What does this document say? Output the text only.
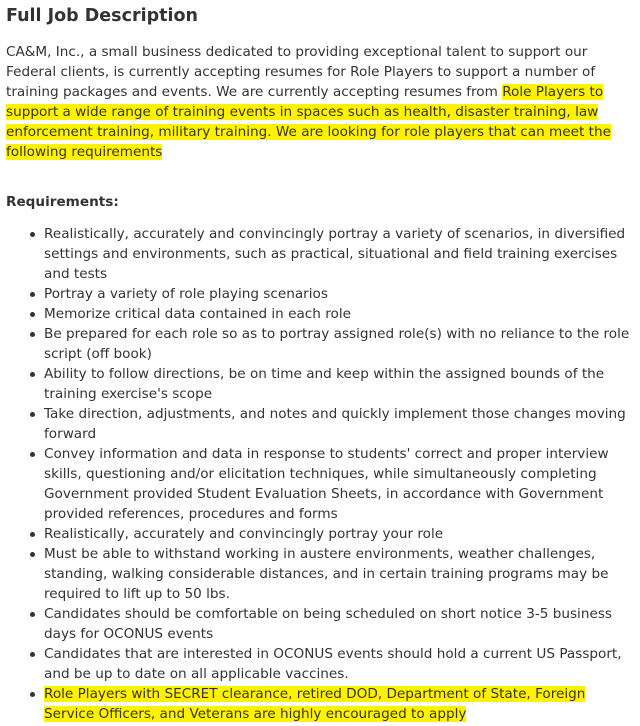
Full Job Description

CA&M, Inc., a small business dedicated to providing exceptional talent to support our Federal clients, is currently accepting resumes for Role Players to support a number of training packages and events. We are currently accepting resumes from Role Players to support a wide range of training events in spaces such as health, disaster training, law enforcement training, military training. We are looking for role players that can meet the following requirements

Requirements:
Realistically, accurately and convincingly portray a variety of scenarios, in diversified settings and environments, such as practical, situational and field training exercises and tests
Portray a variety of role playing scenarios
Memorize critical data contained in each role
Be prepared for each role so as to portray assigned role(s) with no reliance to the role script (off book)
Ability to follow directions, be on time and keep within the assigned bounds of the training exercise's scope
Take direction, adjustments, and notes and quickly implement those changes moving forward
Convey information and data in response to students' correct and proper interview skills, questioning and/or elicitation techniques, while simultaneously completing Government provided Student Evaluation Sheets, in accordance with Government provided references, procedures and forms
Realistically, accurately and convincingly portray your role
Must be able to withstand working in austere environments, weather challenges, standing, walking considerable distances, and in certain training programs may be required to lift up to 50 lbs.
Candidates should be comfortable on being scheduled on short notice 3-5 business days for OCONUS events
Candidates that are interested in OCONUS events should hold a current US Passport, and be up to date on all applicable vaccines.
Role Players with SECRET clearance, retired DOD, Department of State, Foreign Service Officers, and Veterans are highly encouraged to apply
